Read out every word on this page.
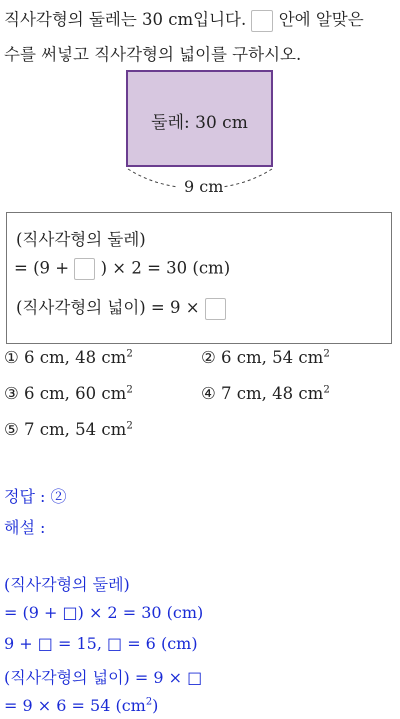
직사각형의 둘레는 30 cm입니다. 안에 알맞은
수를 써넣고 직사각형의 넓이를 구하시오.
둘레: 30 cm
9 cm
(직사각형의 둘레)
= (9 + ) × 2 = 30 (cm)
(직사각형의 넓이) = 9 ×
① 6 cm, 48 $cm^2$	② 6 cm, 54 $cm^2$
③ 6 cm, 60 $cm^2$	④ 7 cm, 48 $cm^2$
⑤ 7 cm, 54 $cm^2$
정답 : ②
해설 :
(직사각형의 둘레)
= (9 + □) × 2 = 30 (cm)
9 + □ = 15, □ = 6 (cm)
(직사각형의 넓이) = 9 × □
= 9 × 6 = 54 $(cm^2)$
